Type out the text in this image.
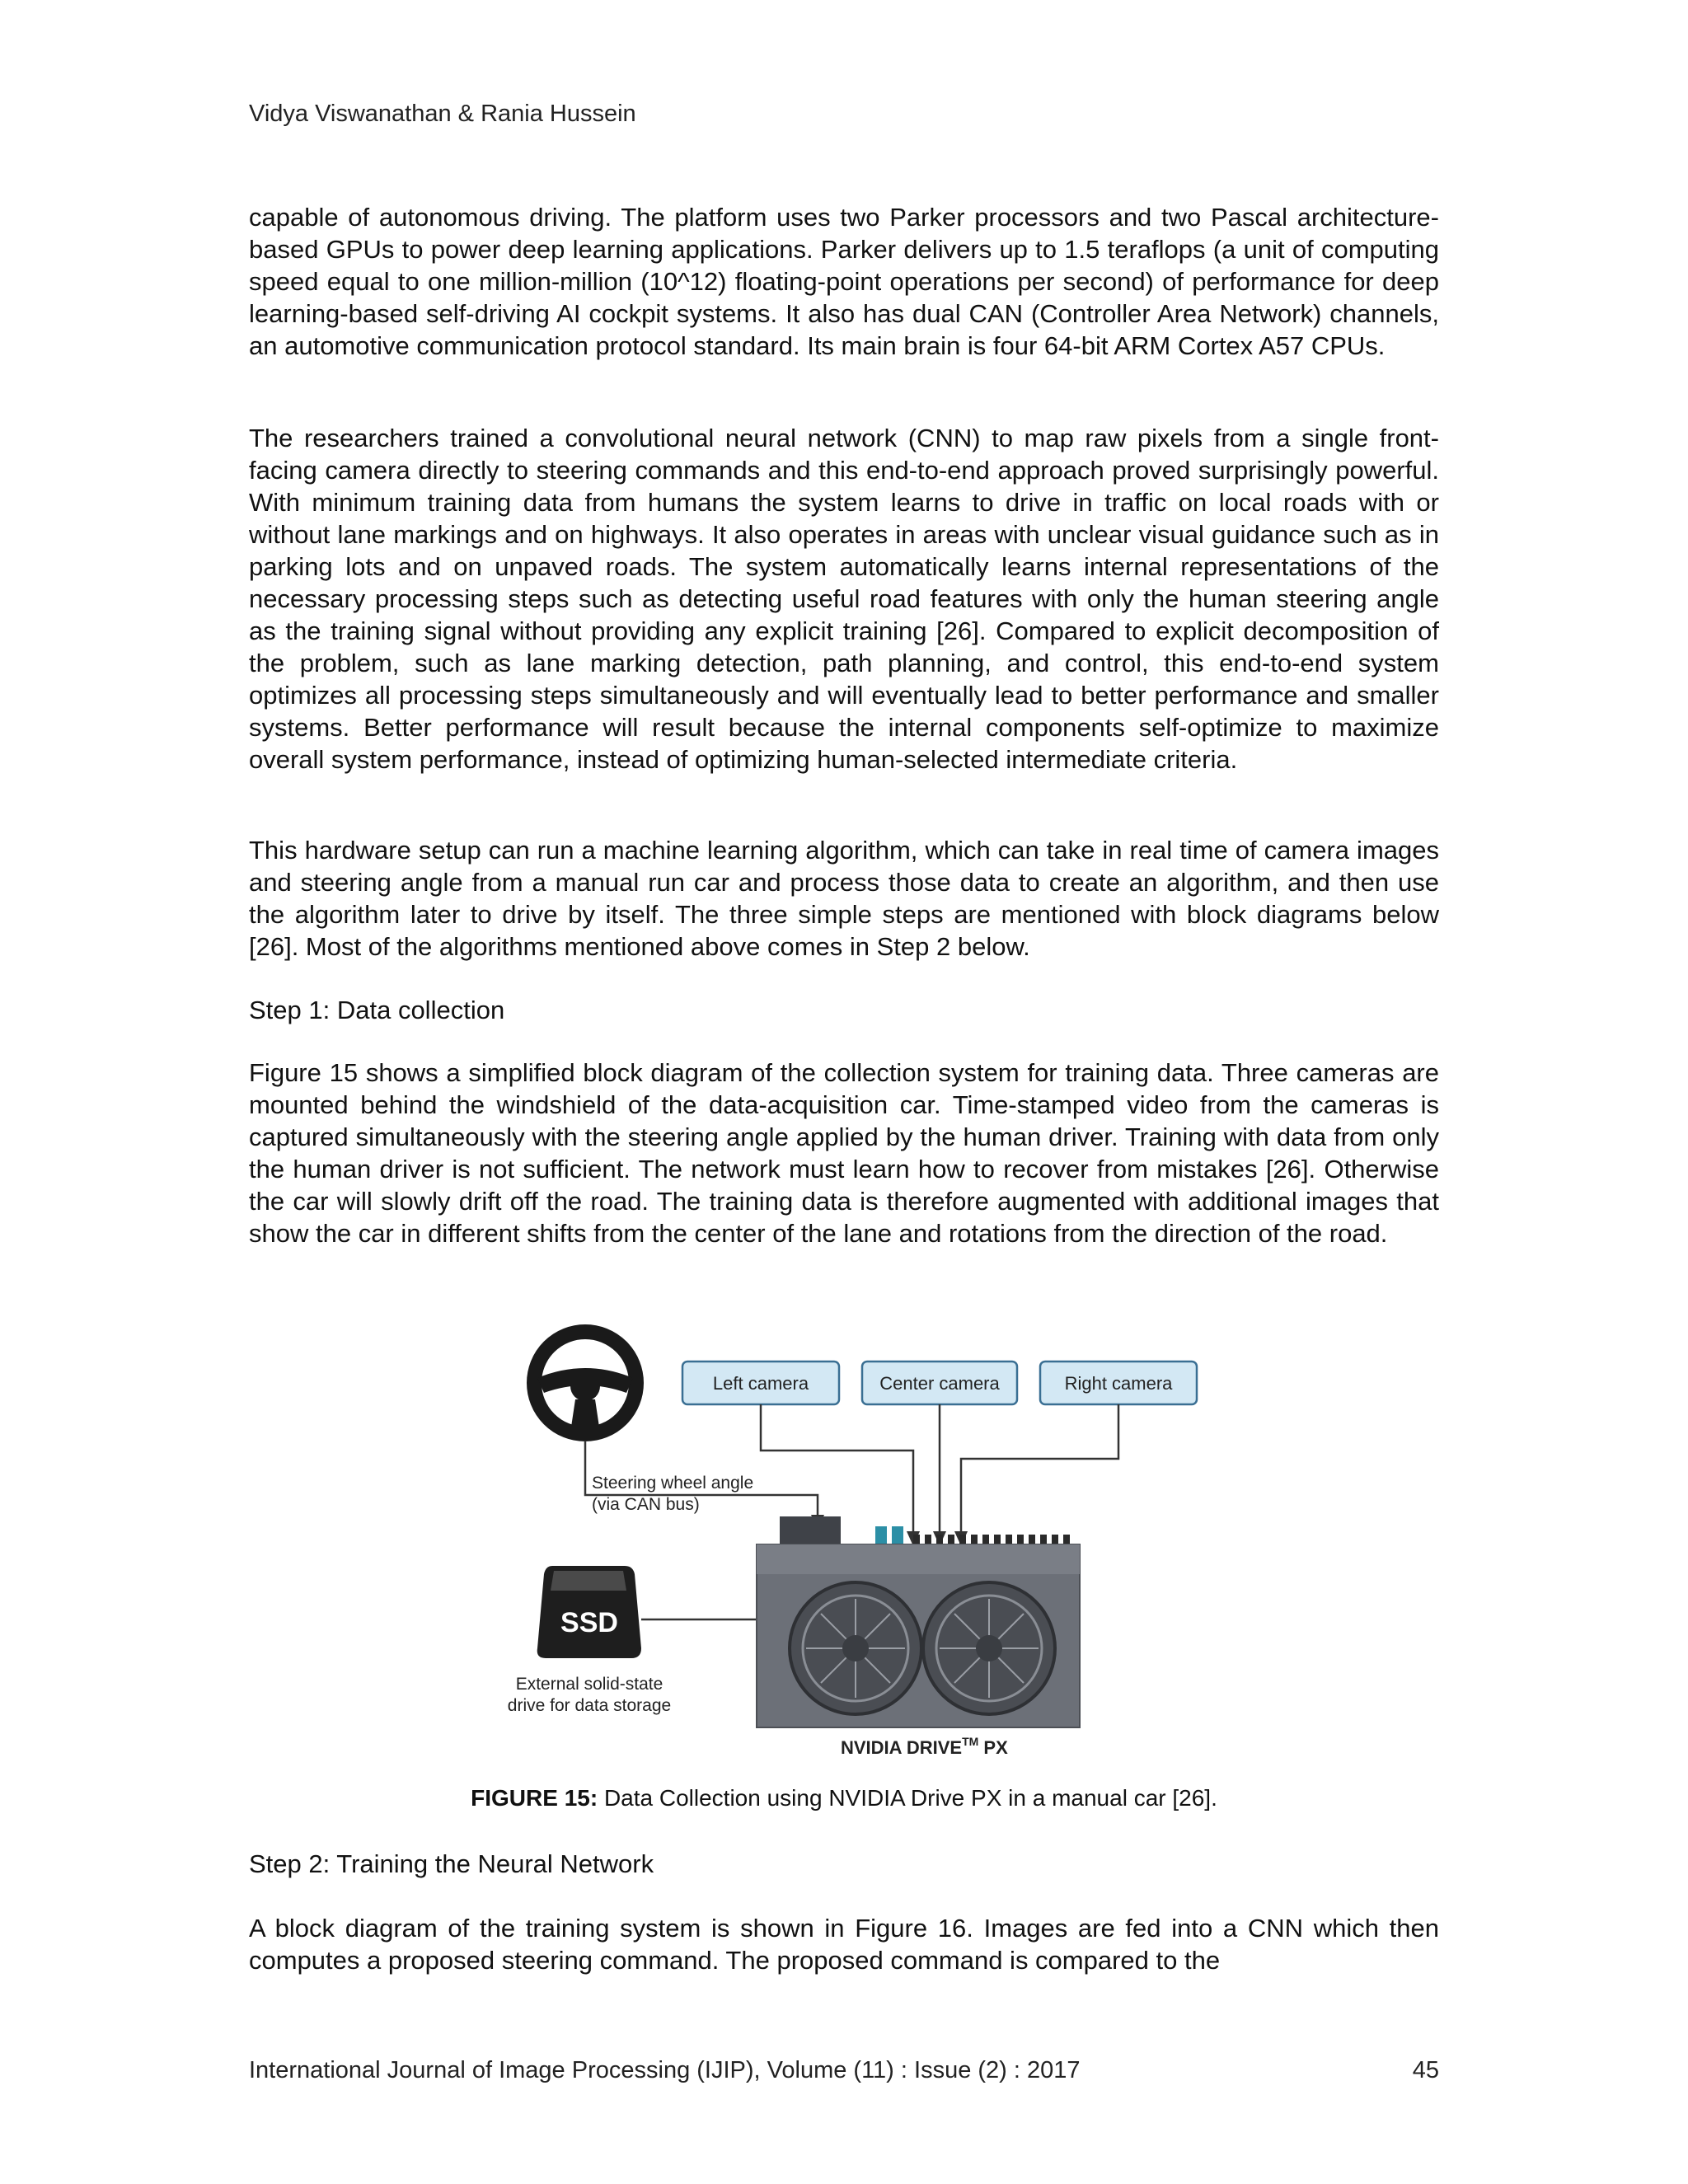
Vidya Viswanathan & Rania Hussein

capable of autonomous driving. The platform uses two Parker processors and two Pascal architecture-based GPUs to power deep learning applications. Parker delivers up to 1.5 teraflops (a unit of computing speed equal to one million-million (10^12) floating-point operations per second) of performance for deep learning-based self-driving AI cockpit systems. It also has dual CAN (Controller Area Network) channels, an automotive communication protocol standard. Its main brain is four 64-bit ARM Cortex A57 CPUs.

The researchers trained a convolutional neural network (CNN) to map raw pixels from a single front-facing camera directly to steering commands and this end-to-end approach proved surprisingly powerful. With minimum training data from humans the system learns to drive in traffic on local roads with or without lane markings and on highways. It also operates in areas with unclear visual guidance such as in parking lots and on unpaved roads. The system automatically learns internal representations of the necessary processing steps such as detecting useful road features with only the human steering angle as the training signal without providing any explicit training [26]. Compared to explicit decomposition of the problem, such as lane marking detection, path planning, and control, this end-to-end system optimizes all processing steps simultaneously and will eventually lead to better performance and smaller systems. Better performance will result because the internal components self-optimize to maximize overall system performance, instead of optimizing human-selected intermediate criteria.

This hardware setup can run a machine learning algorithm, which can take in real time of camera images and steering angle from a manual run car and process those data to create an algorithm, and then use the algorithm later to drive by itself. The three simple steps are mentioned with block diagrams below [26]. Most of the algorithms mentioned above comes in Step 2 below.

Step 1: Data collection

Figure 15 shows a simplified block diagram of the collection system for training data. Three cameras are mounted behind the windshield of the data-acquisition car. Time-stamped video from the cameras is captured simultaneously with the steering angle applied by the human driver. Training with data from only the human driver is not sufficient. The network must learn how to recover from mistakes [26]. Otherwise the car will slowly drift off the road. The training data is therefore augmented with additional images that show the car in different shifts from the center of the lane and rotations from the direction of the road.

Left camera	Center camera	Right camera
Steering wheel angle
(via CAN bus)
SSD
External solid-state
drive for data storage
NVIDIA DRIVE™ PX
FIGURE 15: Data Collection using NVIDIA Drive PX in a manual car [26].
Step 2: Training the Neural Network

A block diagram of the training system is shown in Figure 16. Images are fed into a CNN which then computes a proposed steering command. The proposed command is compared to the

International Journal of Image Processing (IJIP), Volume (11) : Issue (2) : 2017	45
